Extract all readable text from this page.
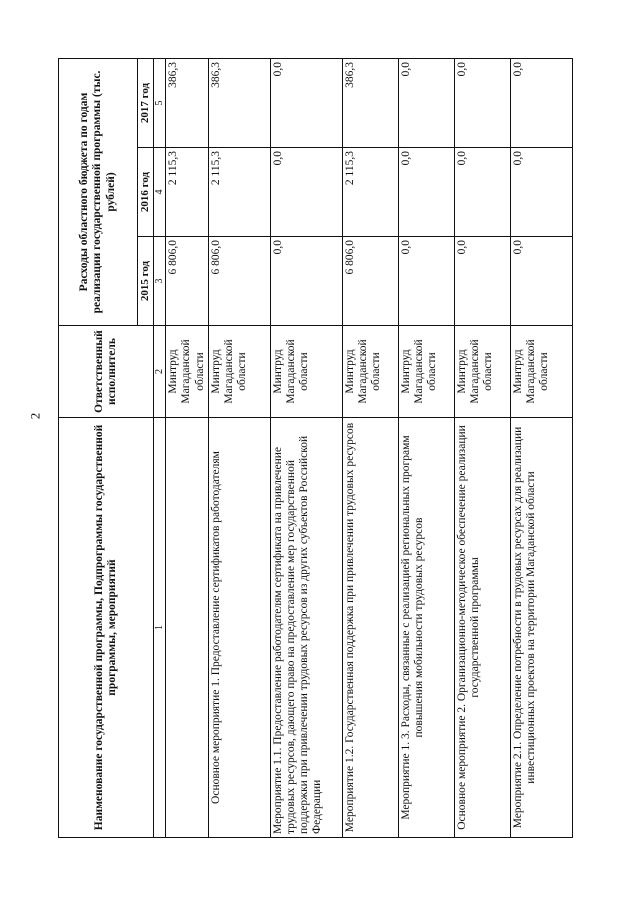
2
Наименование государственной программы, Подпрограммы государственной программы, мероприятий	Ответственный исполнитель	Расходы областного бюджета по годам реализации государственной программы (тыс. рублей)		
		2015 год	2016 год	2017 год
1	2	3	4	5
	Минтруд Магаданской области	6 806,0	2 115,3	386,3
Основное мероприятие 1. Предоставление сертификатов работодателям	Минтруд Магаданской области	6 806,0	2 115,3	386,3
Мероприятие 1.1. Предоставление работодателям сертификата на привлечение трудовых ресурсов, дающего право на предоставление мер государственной поддержки при привлечении трудовых ресурсов из других субъектов Российской Федерации	Минтруд Магаданской области	0,0	0,0	0,0
Мероприятие 1.2. Государственная поддержка при привлечении трудовых ресурсов	Минтруд Магаданской области	6 806,0	2 115,3	386,3
Мероприятие 1. 3. Расходы, связанные с реализацией региональных программ повышения мобильности трудовых ресурсов	Минтруд Магаданской области	0,0	0,0	0,0
Основное мероприятие 2. Организационно-методическое обеспечение реализации государственной программы	Минтруд Магаданской области	0,0	0,0	0,0
Мероприятие 2.1. Определение потребности в трудовых ресурсах для реализации инвестиционных проектов на территории Магаданской области	Минтруд Магаданской области	0,0	0,0	0,0
